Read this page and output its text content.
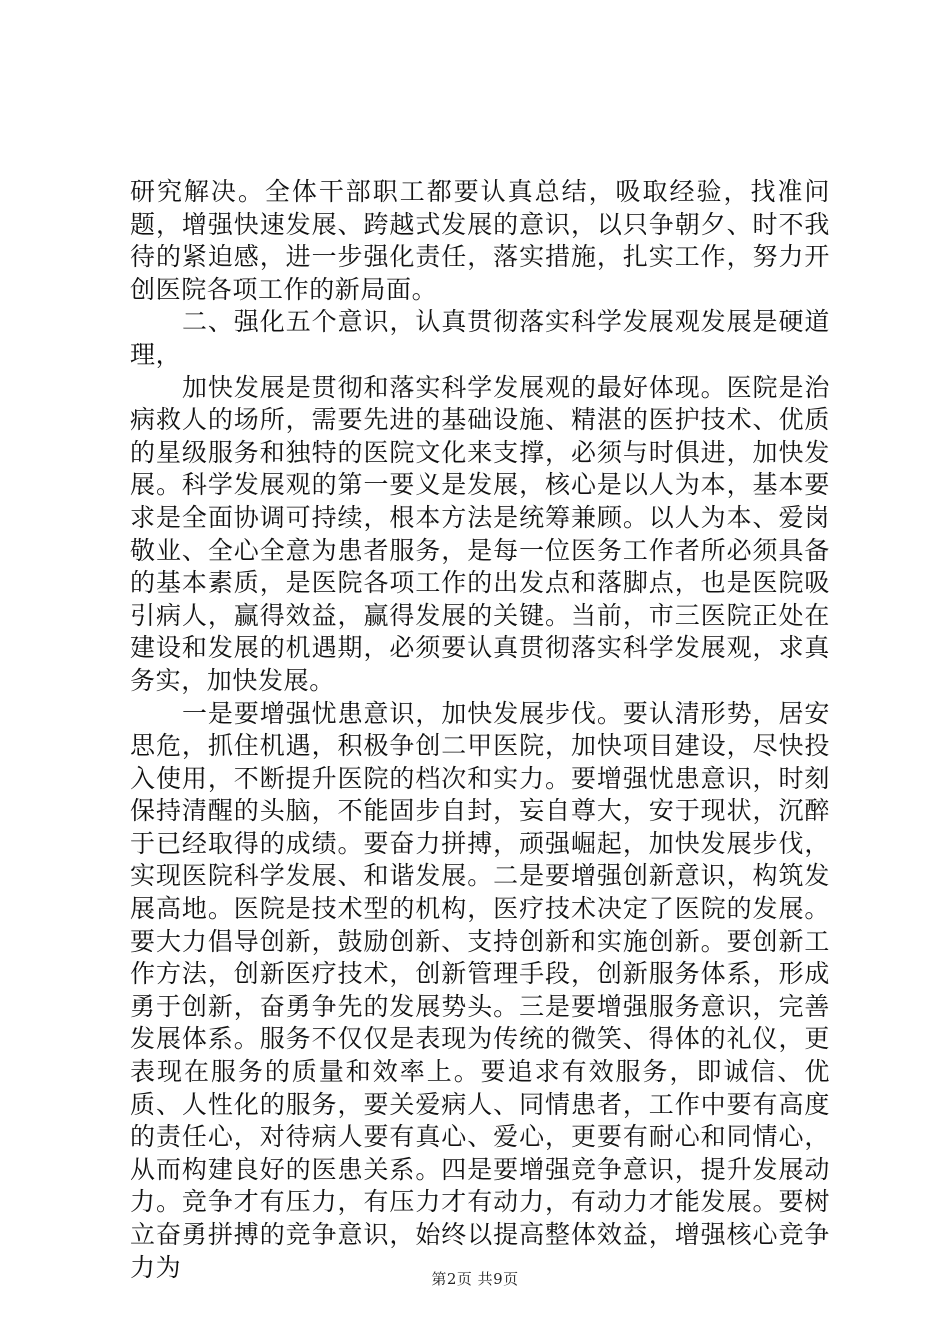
研究解决。全体干部职工都要认真总结，吸取经验，找准问题，增强快速发展、跨越式发展的意识，以只争朝夕、时不我待的紧迫感，进一步强化责任，落实措施，扎实工作，努力开创医院各项工作的新局面。

二、强化五个意识，认真贯彻落实科学发展观发展是硬道理，

加快发展是贯彻和落实科学发展观的最好体现。医院是治病救人的场所，需要先进的基础设施、精湛的医护技术、优质的星级服务和独特的医院文化来支撑，必须与时俱进，加快发展。科学发展观的第一要义是发展，核心是以人为本，基本要求是全面协调可持续，根本方法是统筹兼顾。以人为本、爱岗敬业、全心全意为患者服务，是每一位医务工作者所必须具备的基本素质，是医院各项工作的出发点和落脚点，也是医院吸引病人，赢得效益，赢得发展的关键。当前，市三医院正处在建设和发展的机遇期，必须要认真贯彻落实科学发展观，求真务实，加快发展。

一是要增强忧患意识，加快发展步伐。要认清形势，居安思危，抓住机遇，积极争创二甲医院，加快项目建设，尽快投入使用，不断提升医院的档次和实力。要增强忧患意识，时刻保持清醒的头脑，不能固步自封，妄自尊大，安于现状，沉醉于已经取得的成绩。要奋力拼搏，顽强崛起，加快发展步伐，实现医院科学发展、和谐发展。二是要增强创新意识，构筑发展高地。医院是技术型的机构，医疗技术决定了医院的发展。要大力倡导创新，鼓励创新、支持创新和实施创新。要创新工作方法，创新医疗技术，创新管理手段，创新服务体系，形成勇于创新，奋勇争先的发展势头。三是要增强服务意识，完善发展体系。服务不仅仅是表现为传统的微笑、得体的礼仪，更表现在服务的质量和效率上。要追求有效服务，即诚信、优质、人性化的服务，要关爱病人、同情患者，工作中要有高度的责任心，对待病人要有真心、爱心，更要有耐心和同情心，从而构建良好的医患关系。四是要增强竞争意识，提升发展动力。竞争才有压力，有压力才有动力，有动力才能发展。要树立奋勇拼搏的竞争意识，始终以提高整体效益，增强核心竞争力为	第2页 共9页
